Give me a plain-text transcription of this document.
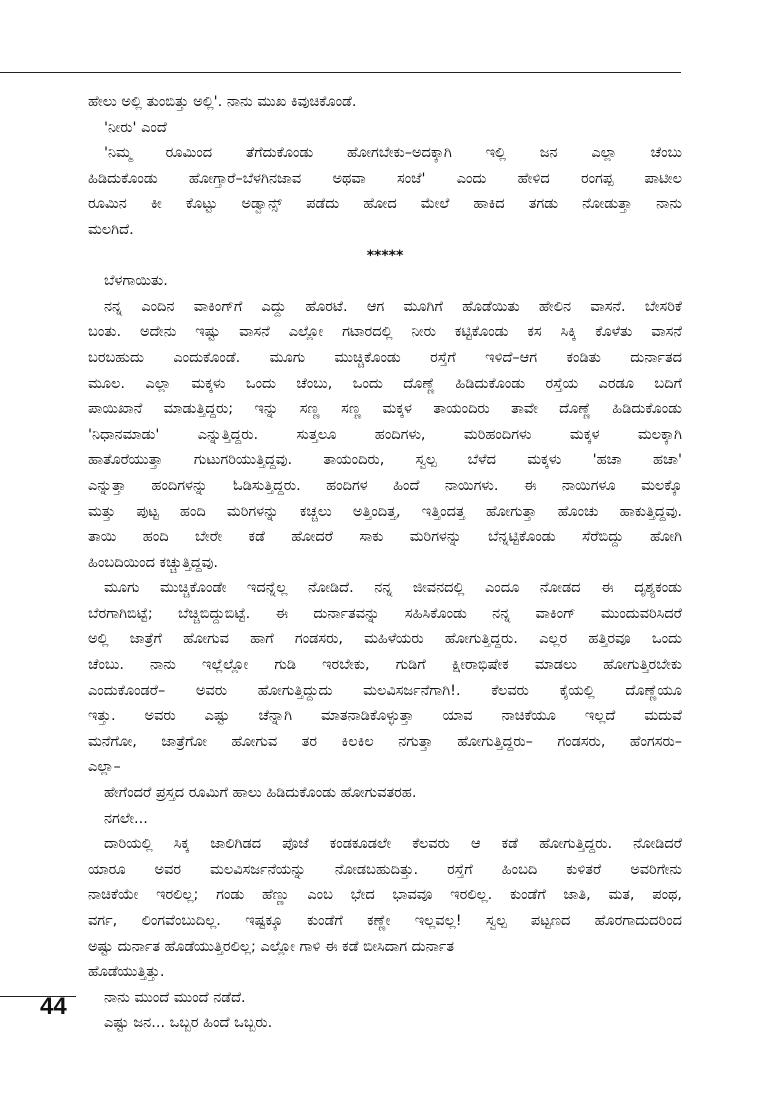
ಹೇಲು ಅಲ್ಲಿ ತುಂಬಿತ್ತು ಅಲ್ಲಿ'. ನಾನು ಮುಖ ಕಿವುಚಿಕೊಂಡೆ.
'ನೀರು' ಎಂದೆ
'ನಿಮ್ಮ ರೂಮಿಂದ ತೆಗೆದುಕೊಂಡು ಹೋಗಬೇಕು–ಅದಕ್ಕಾಗಿ ಇಲ್ಲಿ ಜನ ಎಲ್ಲಾ ಚೆಂಬು
ಹಿಡಿದುಕೊಂಡು ಹೋಗ್ತಾರೆ–ಬೆಳಗಿನಜಾವ ಅಥವಾ ಸಂಜೆ' ಎಂದು ಹೇಳಿದ ರಂಗಪ್ಪ ಪಾಟೀಲ
ರೂಮಿನ ಕೀ ಕೊಟ್ಟು ಅಡ್ವಾನ್ಸ್ ಪಡೆದು ಹೋದ ಮೇಲೆ ಹಾಕಿದ ತಗಡು ನೋಡುತ್ತಾ ನಾನು
ಮಲಗಿದೆ.
*****
ಬೆಳಗಾಯಿತು.
ನನ್ನ ಎಂದಿನ ವಾಕಿಂಗ್‌ಗೆ ಎದ್ದು ಹೊರಟೆ. ಆಗ ಮೂಗಿಗೆ ಹೊಡೆಯಿತು ಹೇಲಿನ ವಾಸನೆ. ಬೇಸರಿಕೆ
ಬಂತು. ಅದೇನು ಇಷ್ಟು ವಾಸನೆ ಎಲ್ಲೋ ಗಟಾರದಲ್ಲಿ ನೀರು ಕಟ್ಟಿಕೊಂಡು ಕಸ ಸಿಕ್ಕಿ ಕೊಳೆತು ವಾಸನೆ
ಬರಬಹುದು ಎಂದುಕೊಂಡೆ. ಮೂಗು ಮುಚ್ಚಿಕೊಂಡು ರಸ್ತೆಗೆ ಇಳಿದೆ–ಆಗ ಕಂಡಿತು ದುರ್ನಾತದ
ಮೂಲ. ಎಲ್ಲಾ ಮಕ್ಕಳು ಒಂದು ಚೆಂಬು, ಒಂದು ದೊಣ್ಣೆ ಹಿಡಿದುಕೊಂಡು ರಸ್ತೆಯ ಎರಡೂ ಬದಿಗೆ
ಪಾಯಿಖಾನೆ ಮಾಡುತ್ತಿದ್ದರು; ಇನ್ನು ಸಣ್ಣ ಸಣ್ಣ ಮಕ್ಕಳ ತಾಯಂದಿರು ತಾವೇ ದೊಣ್ಣೆ ಹಿಡಿದುಕೊಂಡು
'ನಿಧಾನಮಾಡು' ಎನ್ನುತ್ತಿದ್ದರು. ಸುತ್ತಲೂ ಹಂದಿಗಳು, ಮರಿಹಂದಿಗಳು ಮಕ್ಕಳ ಮಲಕ್ಕಾಗಿ
ಹಾತೊರೆಯುತ್ತಾ ಗುಟುಗರಿಯುತ್ತಿದ್ದವು. ತಾಯಂದಿರು, ಸ್ವಲ್ಪ ಬೆಳೆದ ಮಕ್ಕಳು 'ಹಚಾ ಹಚಾ'
ಎನ್ನುತ್ತಾ ಹಂದಿಗಳನ್ನು ಓಡಿಸುತ್ತಿದ್ದರು. ಹಂದಿಗಳ ಹಿಂದೆ ನಾಯಿಗಳು. ಈ ನಾಯಿಗಳೂ ಮಲಕ್ಕೊ
ಮತ್ತು ಪುಟ್ಟ ಹಂದಿ ಮರಿಗಳನ್ನು ಕಚ್ಚಲು ಅತ್ತಿಂದಿತ್ತ, ಇತ್ತಿಂದತ್ತ ಹೋಗುತ್ತಾ ಹೊಂಚು ಹಾಕುತ್ತಿದ್ದವು.
ತಾಯಿ ಹಂದಿ ಬೇರೇ ಕಡೆ ಹೋದರೆ ಸಾಕು ಮರಿಗಳನ್ನು ಬೆನ್ನಟ್ಟಿಕೊಂಡು ಸೆರೆಬಿದ್ದು ಹೋಗಿ
ಹಿಂಬದಿಯಿಂದ ಕಚ್ಚುತ್ತಿದ್ದವು.
ಮೂಗು ಮುಚ್ಚಿಕೊಂಡೇ ಇದನ್ನೆಲ್ಲ ನೋಡಿದೆ. ನನ್ನ ಜೀವನದಲ್ಲಿ ಎಂದೂ ನೋಡದ ಈ ದೃಶ್ಯಕಂಡು
ಬೆರಗಾಗಿಬಿಟ್ಟೆ; ಬೆಚ್ಚಿಬಿದ್ದುಬಿಟ್ಟೆ. ಈ ದುರ್ನಾತವನ್ನು ಸಹಿಸಿಕೊಂಡು ನನ್ನ ವಾಕಿಂಗ್ ಮುಂದುವರಿಸಿದರೆ
ಅಲ್ಲಿ ಜಾತ್ರೆಗೆ ಹೋಗುವ ಹಾಗೆ ಗಂಡಸರು, ಮಹಿಳೆಯರು ಹೋಗುತ್ತಿದ್ದರು. ಎಲ್ಲರ ಹತ್ತಿರವೂ ಒಂದು
ಚೆಂಬು. ನಾನು ಇಲ್ಲೆಲ್ಲೋ ಗುಡಿ ಇರಬೇಕು, ಗುಡಿಗೆ ಕ್ಷೀರಾಭಿಷೇಕ ಮಾಡಲು ಹೋಗುತ್ತಿರಬೇಕು
ಎಂದುಕೊಂಡರೆ– ಅವರು ಹೋಗುತ್ತಿದ್ದುದು ಮಲವಿಸರ್ಜನೆಗಾಗಿ!. ಕೆಲವರು ಕೈಯಲ್ಲಿ ದೊಣ್ಣೆಯೂ
ಇತ್ತು. ಅವರು ಎಷ್ಟು ಚೆನ್ನಾಗಿ ಮಾತನಾಡಿಕೊಳ್ಳುತ್ತಾ ಯಾವ ನಾಚಿಕೆಯೂ ಇಲ್ಲದೆ ಮದುವೆ
ಮನೆಗೋ, ಜಾತ್ರೆಗೋ ಹೋಗುವ ತರ ಕಿಲಕಿಲ ನಗುತ್ತಾ ಹೋಗುತ್ತಿದ್ದರು– ಗಂಡಸರು, ಹೆಂಗಸರು–
ಎಲ್ಲಾ–
ಹೇಗೆಂದರೆ ಪ್ರಸ್ತದ ರೂಮಿಗೆ ಹಾಲು ಹಿಡಿದುಕೊಂಡು ಹೋಗುವತರಹ.
ನಗಲೇ...
ದಾರಿಯಲ್ಲಿ ಸಿಕ್ಕ ಜಾಲಿಗಿಡದ ಪೊಜೆ ಕಂಡಕೂಡಲೇ ಕೆಲವರು ಆ ಕಡೆ ಹೋಗುತ್ತಿದ್ದರು. ನೋಡಿದರೆ
ಯಾರೂ ಅವರ ಮಲವಿಸರ್ಜನೆಯನ್ನು ನೋಡಬಹುದಿತ್ತು. ರಸ್ತೆಗೆ ಹಿಂಬದಿ ಕುಳಿತರೆ ಅವರಿಗೇನು
ನಾಚಿಕೆಯೇ ಇರಲಿಲ್ಲ; ಗಂಡು ಹೆಣ್ಣು ಎಂಬ ಭೇದ ಭಾವವೂ ಇರಲಿಲ್ಲ. ಕುಂಡೆಗೆ ಜಾತಿ, ಮತ, ಪಂಥ,
ವರ್ಗ, ಲಿಂಗವೆಂಬುದಿಲ್ಲ. ಇಷ್ಟಕ್ಕೂ ಕುಂಡೆಗೆ ಕಣ್ಣೇ ಇಲ್ಲವಲ್ಲ! ಸ್ವಲ್ಪ ಪಟ್ಟಣದ ಹೊರಗಾದುದರಿಂದ
ಅಷ್ಟು ದುರ್ನಾತ ಹೊಡೆಯುತ್ತಿರಲಿಲ್ಲ; ಎಲ್ಲೋ ಗಾಳಿ ಈ ಕಡೆ ಬೀಸಿದಾಗ ದುರ್ನಾತ
ಹೊಡೆಯುತ್ತಿತ್ತು.
ನಾನು ಮುಂದೆ ಮುಂದೆ ನಡೆದೆ.
ಎಷ್ಟು ಜನ... ಒಬ್ಬರ ಹಿಂದೆ ಒಬ್ಬರು.
44
